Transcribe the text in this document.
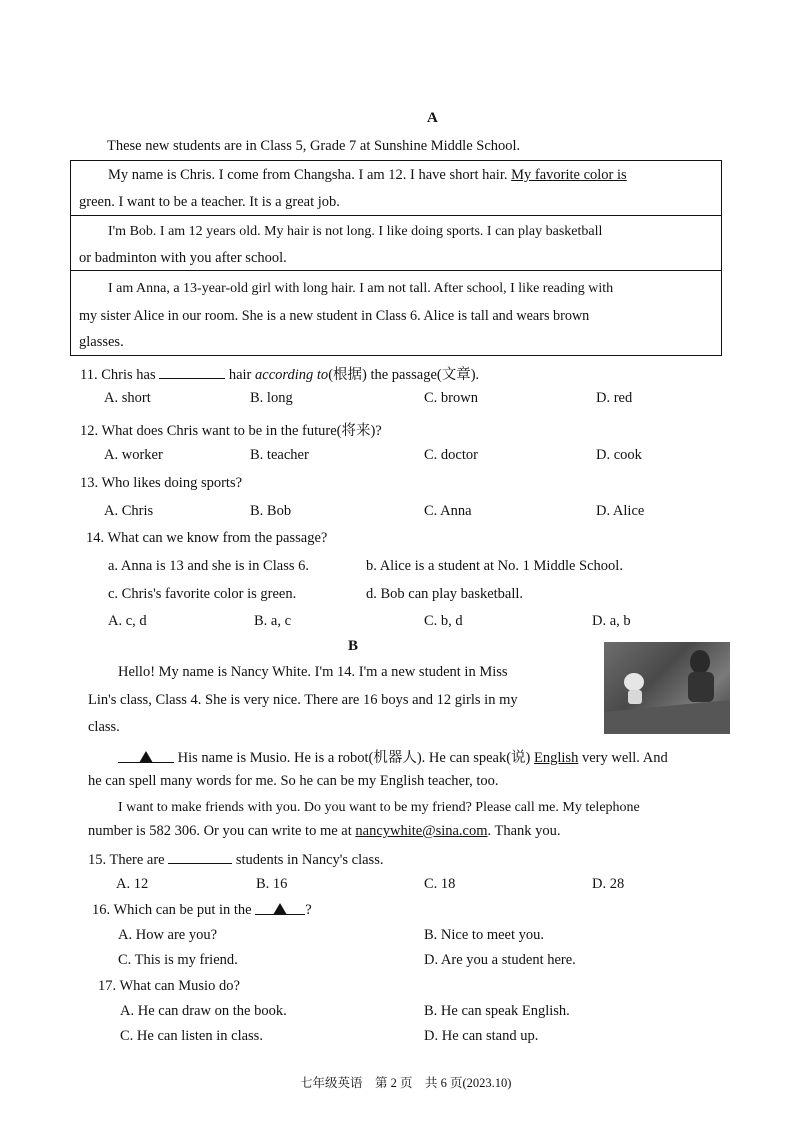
A
These new students are in Class 5, Grade 7 at Sunshine Middle School.
My name is Chris. I come from Changsha. I am 12. I have short hair. My favorite color is
green. I want to be a teacher. It is a great job.
I'm Bob. I am 12 years old. My hair is not long. I like doing sports. I can play basketball
or badminton with you after school.
I am Anna, a 13-year-old girl with long hair. I am not tall. After school, I like reading with
my sister Alice in our room. She is a new student in Class 6. Alice is tall and wears brown
glasses.
11. Chris has	hair according to(根据) the passage(文章).
A. short	B. long	C. brown	D. red
12. What does Chris want to be in the future(将来)?
A. worker	B. teacher	C. doctor	D. cook
13. Who likes doing sports?
A. Chris	B. Bob	C. Anna	D. Alice
14. What can we know from the passage?
a. Anna is 13 and she is in Class 6.	b. Alice is a student at No. 1 Middle School.
c. Chris's favorite color is green.	d. Bob can play basketball.
A. c, d	B. a, c	C. b, d	D. a, b
B
Hello! My name is Nancy White. I'm 14. I'm a new student in Miss
Lin's class, Class 4. She is very nice. There are 16 boys and 12 girls in my
class.
His name is Musio. He is a robot(机器人). He can speak(说) English very well. And
he can spell many words for me. So he can be my English teacher, too.
I want to make friends with you. Do you want to be my friend? Please call me. My telephone
number is 582 306. Or you can write to me at nancywhite@sina.com. Thank you.
15. There are	students in Nancy's class.
A. 12	B. 16	C. 18	D. 28
16. Which can be put in the	?
A. How are you?	B. Nice to meet you.
C. This is my friend.	D. Are you a student here.
17. What can Musio do?
A. He can draw on the book.	B. He can speak English.
C. He can listen in class.	D. He can stand up.
七年级英语　第 2 页　共 6 页(2023.10)
